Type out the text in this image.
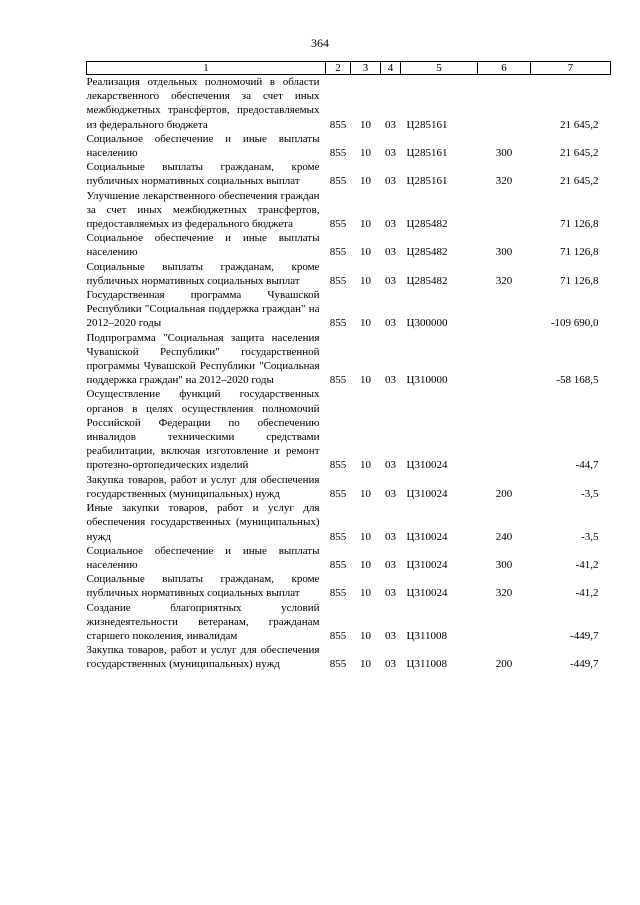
364
1	2	3	4	5	6	7
Реализация отдельных полномочий в области лекарственного обеспечения за счет иных межбюджетных трансфертов, предоставляемых из федерального бюджета	855	10	03	Ц285161		21 645,2
Социальное обеспечение и иные выплаты населению	855	10	03	Ц285161	300	21 645,2
Социальные выплаты гражданам, кроме публичных нормативных социальных выплат	855	10	03	Ц285161	320	21 645,2
Улучшение лекарственного обеспечения граждан за счет иных межбюджетных трансфертов, предоставляемых из федерального бюджета	855	10	03	Ц285482		71 126,8
Социальное обеспечение и иные выплаты населению	855	10	03	Ц285482	300	71 126,8
Социальные выплаты гражданам, кроме публичных нормативных социальных выплат	855	10	03	Ц285482	320	71 126,8
Государственная программа Чувашской Республики "Социальная поддержка граждан" на 2012–2020 годы	855	10	03	Ц300000		-109 690,0
Подпрограмма "Социальная защита населения Чувашской Республики" государственной программы Чувашской Республики "Социальная поддержка граждан" на 2012–2020 годы	855	10	03	Ц310000		-58 168,5
Осуществление функций государственных органов в целях осуществления полномочий Российской Федерации по обеспечению инвалидов техническими средствами реабилитации, включая изготовление и ремонт протезно-ортопедических изделий	855	10	03	Ц310024		-44,7
Закупка товаров, работ и услуг для обеспечения государственных (муниципальных) нужд	855	10	03	Ц310024	200	-3,5
Иные закупки товаров, работ и услуг для обеспечения государственных (муниципальных) нужд	855	10	03	Ц310024	240	-3,5
Социальное обеспечение и иные выплаты населению	855	10	03	Ц310024	300	-41,2
Социальные выплаты гражданам, кроме публичных нормативных социальных выплат	855	10	03	Ц310024	320	-41,2
Создание благоприятных условий жизнедеятельности ветеранам, гражданам старшего поколения, инвалидам	855	10	03	Ц311008		-449,7
Закупка товаров, работ и услуг для обеспечения государственных (муниципальных) нужд	855	10	03	Ц311008	200	-449,7
